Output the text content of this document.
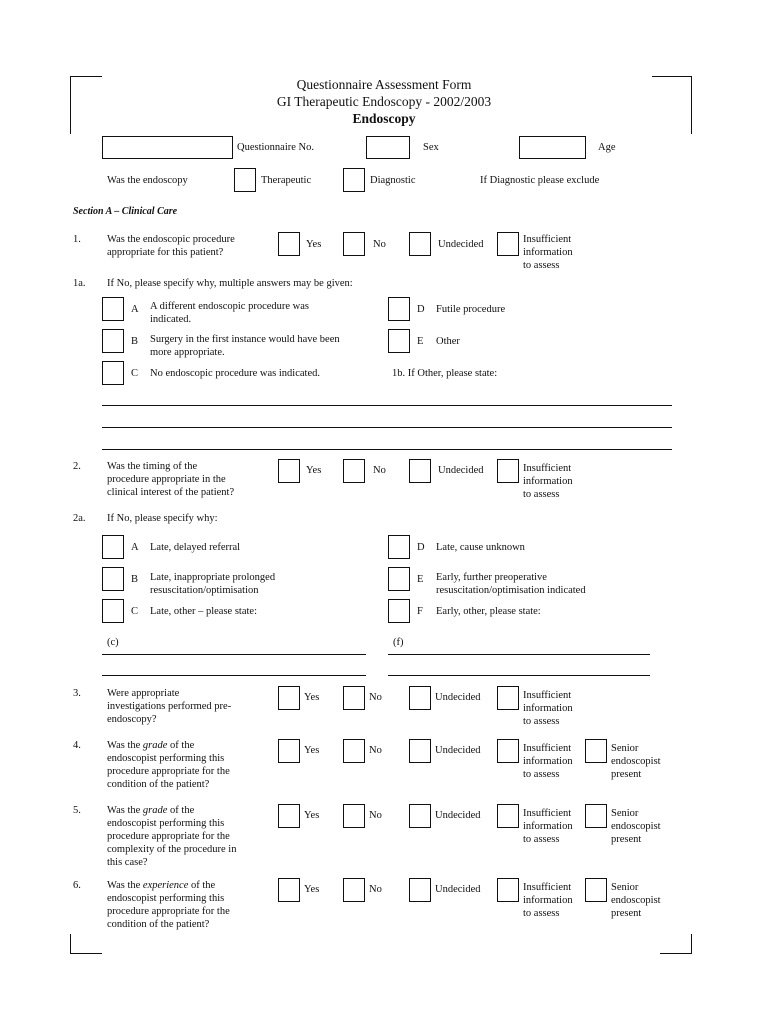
Questionnaire Assessment Form
GI Therapeutic Endoscopy - 2002/2003
Endoscopy
Questionnaire No.	Sex	Age
Was the endoscopy	Therapeutic	Diagnostic	If Diagnostic please exclude
Section A – Clinical Care
1. Was the endoscopic procedure
appropriate for this patient?
Yes	No	Undecided	Insufficient
information
to assess
1a. If No, please specify why, multiple answers may be given:
A A different endoscopic procedure was
indicated.
B Surgery in the first instance would have been
more appropriate.
C No endoscopic procedure was indicated.
D Futile procedure
E Other
1b. If Other, please state:
2. Was the timing of the
procedure appropriate in the
clinical interest of the patient?
Yes	No	Undecided	Insufficient
information
to assess
2a. If No, please specify why:
A Late, delayed referral
B Late, inappropriate prolonged
resuscitation/optimisation
C Late, other – please state:
D Late, cause unknown
E Early, further preoperative
resuscitation/optimisation indicated
F Early, other, please state:
(c)	(f)
3. Were appropriate
investigations performed pre-
endoscopy?
Yes	No	Undecided	Insufficient
information
to assess
4. Was the grade of the
endoscopist performing this
procedure appropriate for the
condition of the patient?
Yes	No	Undecided	Insufficient
information
to assess
Senior
endoscopist
present
5. Was the grade of the
endoscopist performing this
procedure appropriate for the
complexity of the procedure in
this case?
Yes	No	Undecided	Insufficient
information
to assess
Senior
endoscopist
present
6. Was the experience of the
endoscopist performing this
procedure appropriate for the
condition of the patient?
Yes	No	Undecided	Insufficient
information
to assess
Senior
endoscopist
present
